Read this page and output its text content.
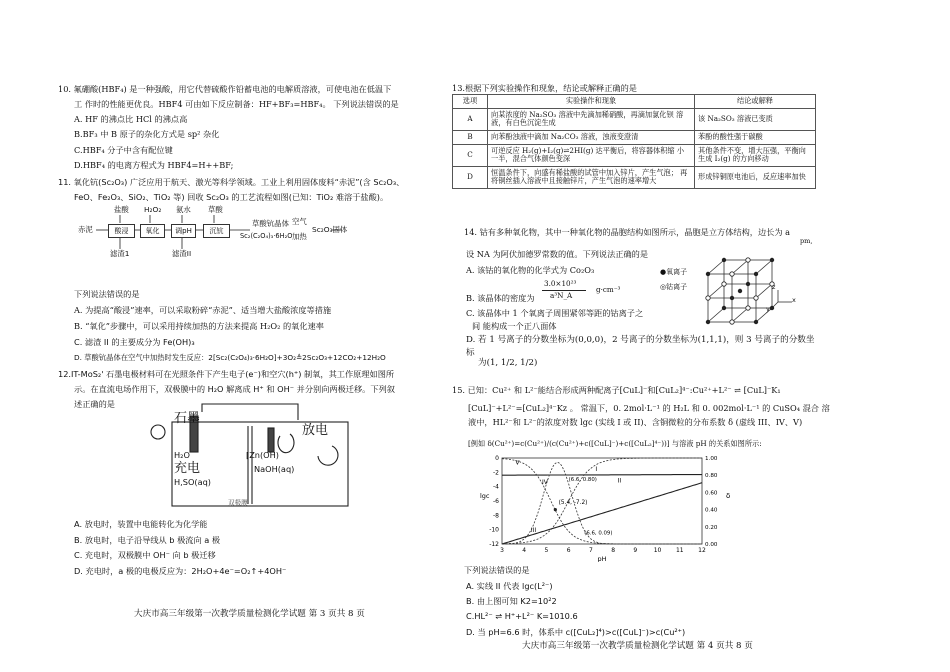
10. 氟硼酸(HBF₄) 是一种强酸，用它代替硫酸作铅蓄电池的电解质溶液，可使电池在低温下
工 作时的性能更优良。HBF4 可由如下反应制备：HF+BF₃=HBF₄。 下列说法错误的是
A. HF 的沸点比 HCl 的沸点高
B.BF₃ 中 B 原子的杂化方式是 sp² 杂化
C.HBF₄ 分子中含有配位键
D.HBF₄ 的电离方程式为 HBF4=H++BF;
11. 氧化钪(Sc₂O₃) 广泛应用于航天、激光等科学领域。工业上利用固体废料“赤泥”(含 Sc₂O₃、
FeO、Fe₂O₃、SiO₂、TiO₂ 等) 回收 Sc₂O₃ 的工艺流程如图(已知：TiO₂ 难溶于盐酸)。
盐酸 H₂O₂ 氨水 草酸
赤泥	酸浸	氧化	调pH	沉钪
草酸钪晶体
Sc₂(C₂O₄)₃·6H₂O
空气
加热
Sc₂O₃固体
滤渣1	滤渣II
下列说法错误的是
A. 为提高“酸浸”速率，可以采取粉碎“赤泥”、适当增大盐酸浓度等措施
B. “氧化”步骤中，可以采用持续加热的方法来提高 H₂O₂ 的氧化速率
C. 滤渣 II 的主要成分为 Fe(OH)₃
D. 草酸钪晶体在空气中加热时发生反应：2[Sc₂(C₂O₄)₃·6H₂O]+3O₂≜2Sc₂O₃+12CO₂+12H₂O
12.IT-MoS₂' 石墨电极材料可在光照条件下产生电子(e⁻)和空穴(h⁺) 制氧，其工作原理如图所
示。在直流电场作用下，双极膜中的 H₂O 解离成 H⁺ 和 OH⁻ 并分别向两极迁移。下列叙
述正确的是
石墨
放电
H₂O
充电
H,SO(aq)
[Zn(OH)
NaOH(aq)
双极膜
A. 放电时，装置中电能转化为化学能
B. 放电时，电子沿导线从 b 极流向 a 极
C. 充电时，双极膜中 OH⁻ 向 b 极迁移
D. 充电时，a 极的电极反应为：2H₂O+4e⁻=O₂↑+4OH⁻
大庆市高三年级第一次教学质量检测化学试题 第 3 页共 8 页
13.根据下列实验操作和现象，结论或解释正确的是
选项	实验操作和现象	结论或解释
A	向某浓度的 Na₂SO₃ 溶液中先滴加稀硝酸，再滴加氯化钡 溶液，有白色沉淀生成	该 Na₂SO₃ 溶液已变质
B	向苯酚浊液中滴加 Na₂CO₃ 溶液，浊液变澄清	苯酚的酸性强于碳酸
C	可逆反应 H₂(g)+I₂(g)⇌2HI(g) 达平衡后，将容器体积缩 小一半，混合气体颜色变深	其他条件不变，增大压强，平衡向生成 I₂(g) 的方向移动
D	恒温条件下，向盛有稀盐酸的试管中加入锌片，产生气泡； 再将铜丝插入溶液中且接触锌片，产生气泡的速率增大	形成锌铜原电池后，反应速率加快
14. 钴有多种氧化物，其中一种氧化物的晶胞结构如图所示，晶胞是立方体结构，边长为 a
pm,
设 NA 为阿伏加德罗常数的值。下列说法正确的是
A. 该钴的氧化物的化学式为 Co₂O₃
3.0×10²³
a³N_A
B. 该晶体的密度为
g·cm⁻³
C. 该晶体中 1 个氧离子周围紧邻等距的钴离子之
间 能构成一个正八面体
D. 若 1 号离子的分数坐标为(0,0,0)，2 号离子的分数坐标为(1,1,1)，则 3 号离子的分数坐
标
为(1, 1/2, 1/2)
●氧离子
◎钴离子
x
z
y
15. 已知：Cu²⁺ 和 L²⁻能结合形成两种配离子[CuL]⁻和[CuL₂]⁴⁻:Cu²⁺+L²⁻ ⇌ [CuL]⁻K₁
[CuL]⁻+L²⁻=[CuL₂]⁴⁻Kz 。 常温下，0. 2mol·L⁻¹ 的 H₂L 和 0. 002mol·L⁻¹ 的 CuSO₄ 混合 溶
液中，HL²⁻和 L²⁻的浓度对数 lgc (实线 I 或 II)、含铜微粒的分布系数 δ (虚线 III、IV、V)
[例如 δ(Cu²⁺)=c(Cu²⁺)/(c(Cu²⁺)+c([CuL]⁻)+c([CuL₂]⁴⁻))] 与溶液 pH 的关系如图所示:
3	4	5	6	7	8	9	10 11 12
0
-2
-4
-6
-8
-10
-12
1.00
0.80
0.60
0.40
0.20
0.00
pH
lgc	δ
I
II
III
IV
V
(5.4, -7.2)
(6.6, 0.09)
(6.6, 0.80)
下列说法错误的是
A. 实线 II 代表 lgc(L²⁻)
B. 由上图可知 K2=10²2
C.HL²⁻ ⇌ H⁺+L²⁻ K=1010.6
D. 当 pH=6.6 时，体系中 c([CuL₂]⁴)>c([CuL]⁻)>c(Cu²⁺)
大庆市高三年级第一次教学质量检测化学试题 第 4 页共 8 页
